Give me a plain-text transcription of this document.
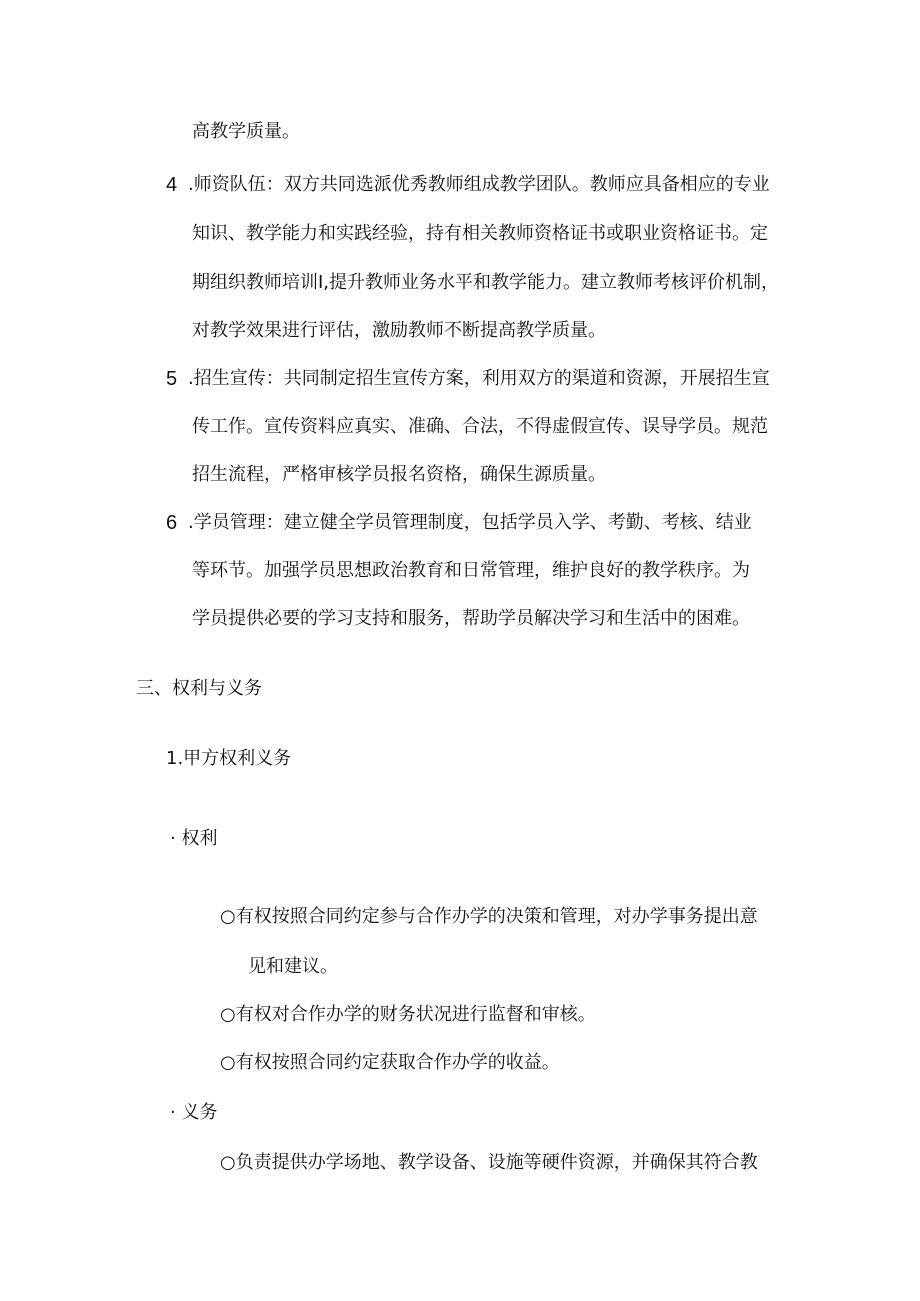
高教学质量。
4 .师资队伍：双方共同选派优秀教师组成教学团队。教师应具备相应的专业
知识、教学能力和实践经验，持有相关教师资格证书或职业资格证书。定
期组织教师培训I,提升教师业务水平和教学能力。建立教师考核评价机制，
对教学效果进行评估，激励教师不断提高教学质量。
5 .招生宣传：共同制定招生宣传方案，利用双方的渠道和资源，开展招生宣
传工作。宣传资料应真实、准确、合法，不得虚假宣传、误导学员。规范
招生流程，严格审核学员报名资格，确保生源质量。
6 .学员管理：建立健全学员管理制度，包括学员入学、考勤、考核、结业
等环节。加强学员思想政治教育和日常管理，维护良好的教学秩序。为
学员提供必要的学习支持和服务，帮助学员解决学习和生活中的困难。
三、权利与义务
1.甲方权利义务
· 权利
○有权按照合同约定参与合作办学的决策和管理，对办学事务提出意
见和建议。
○有权对合作办学的财务状况进行监督和审核。
○有权按照合同约定获取合作办学的收益。
· 义务
○负责提供办学场地、教学设备、设施等硬件资源，并确保其符合教
